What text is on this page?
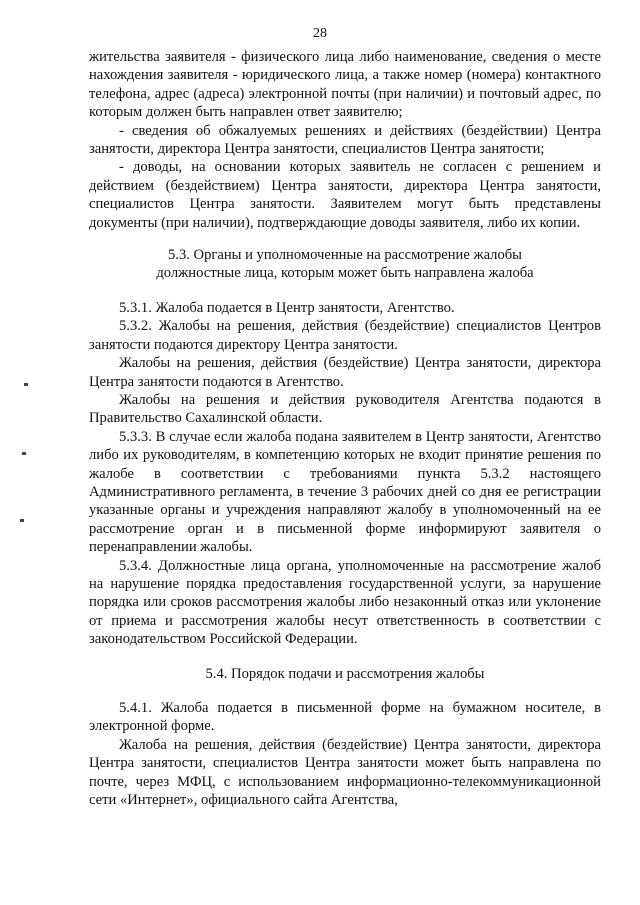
28

жительства заявителя - физического лица либо наименование, сведения о месте нахождения заявителя - юридического лица, а также номер (номера) контактного телефона, адрес (адреса) электронной почты (при наличии) и почтовый адрес, по которым должен быть направлен ответ заявителю;

- сведения об обжалуемых решениях и действиях (бездействии) Центра занятости, директора Центра занятости, специалистов Центра занятости;

- доводы, на основании которых заявитель не согласен с решением и действием (бездействием) Центра занятости, директора Центра занятости, специалистов Центра занятости. Заявителем могут быть представлены документы (при наличии), подтверждающие доводы заявителя, либо их копии.

5.3. Органы и уполномоченные на рассмотрение жалобы

должностные лица, которым может быть направлена жалоба

5.3.1. Жалоба подается в Центр занятости, Агентство.

5.3.2. Жалобы на решения, действия (бездействие) специалистов Центров занятости подаются директору Центра занятости.

Жалобы на решения, действия (бездействие) Центра занятости, директора Центра занятости подаются в Агентство.

Жалобы на решения и действия руководителя Агентства подаются в Правительство Сахалинской области.

5.3.3. В случае если жалоба подана заявителем в Центр занятости, Агентство либо их руководителям, в компетенцию которых не входит принятие решения по жалобе в соответствии с требованиями пункта 5.3.2 настоящего Административного регламента, в течение 3 рабочих дней со дня ее регистрации указанные органы и учреждения направляют жалобу в уполномоченный на ее рассмотрение орган и в письменной форме информируют заявителя о перенаправлении жалобы.

5.3.4. Должностные лица органа, уполномоченные на рассмотрение жалоб на нарушение порядка предоставления государственной услуги, за нарушение порядка или сроков рассмотрения жалобы либо незаконный отказ или уклонение от приема и рассмотрения жалобы несут ответственность в соответствии с законодательством Российской Федерации.

5.4. Порядок подачи и рассмотрения жалобы

5.4.1. Жалоба подается в письменной форме на бумажном носителе, в электронной форме.

Жалоба на решения, действия (бездействие) Центра занятости, директора Центра занятости, специалистов Центра занятости может быть направлена по почте, через МФЦ, с использованием информационно-телекоммуникационной сети «Интернет», официального сайта Агентства,
